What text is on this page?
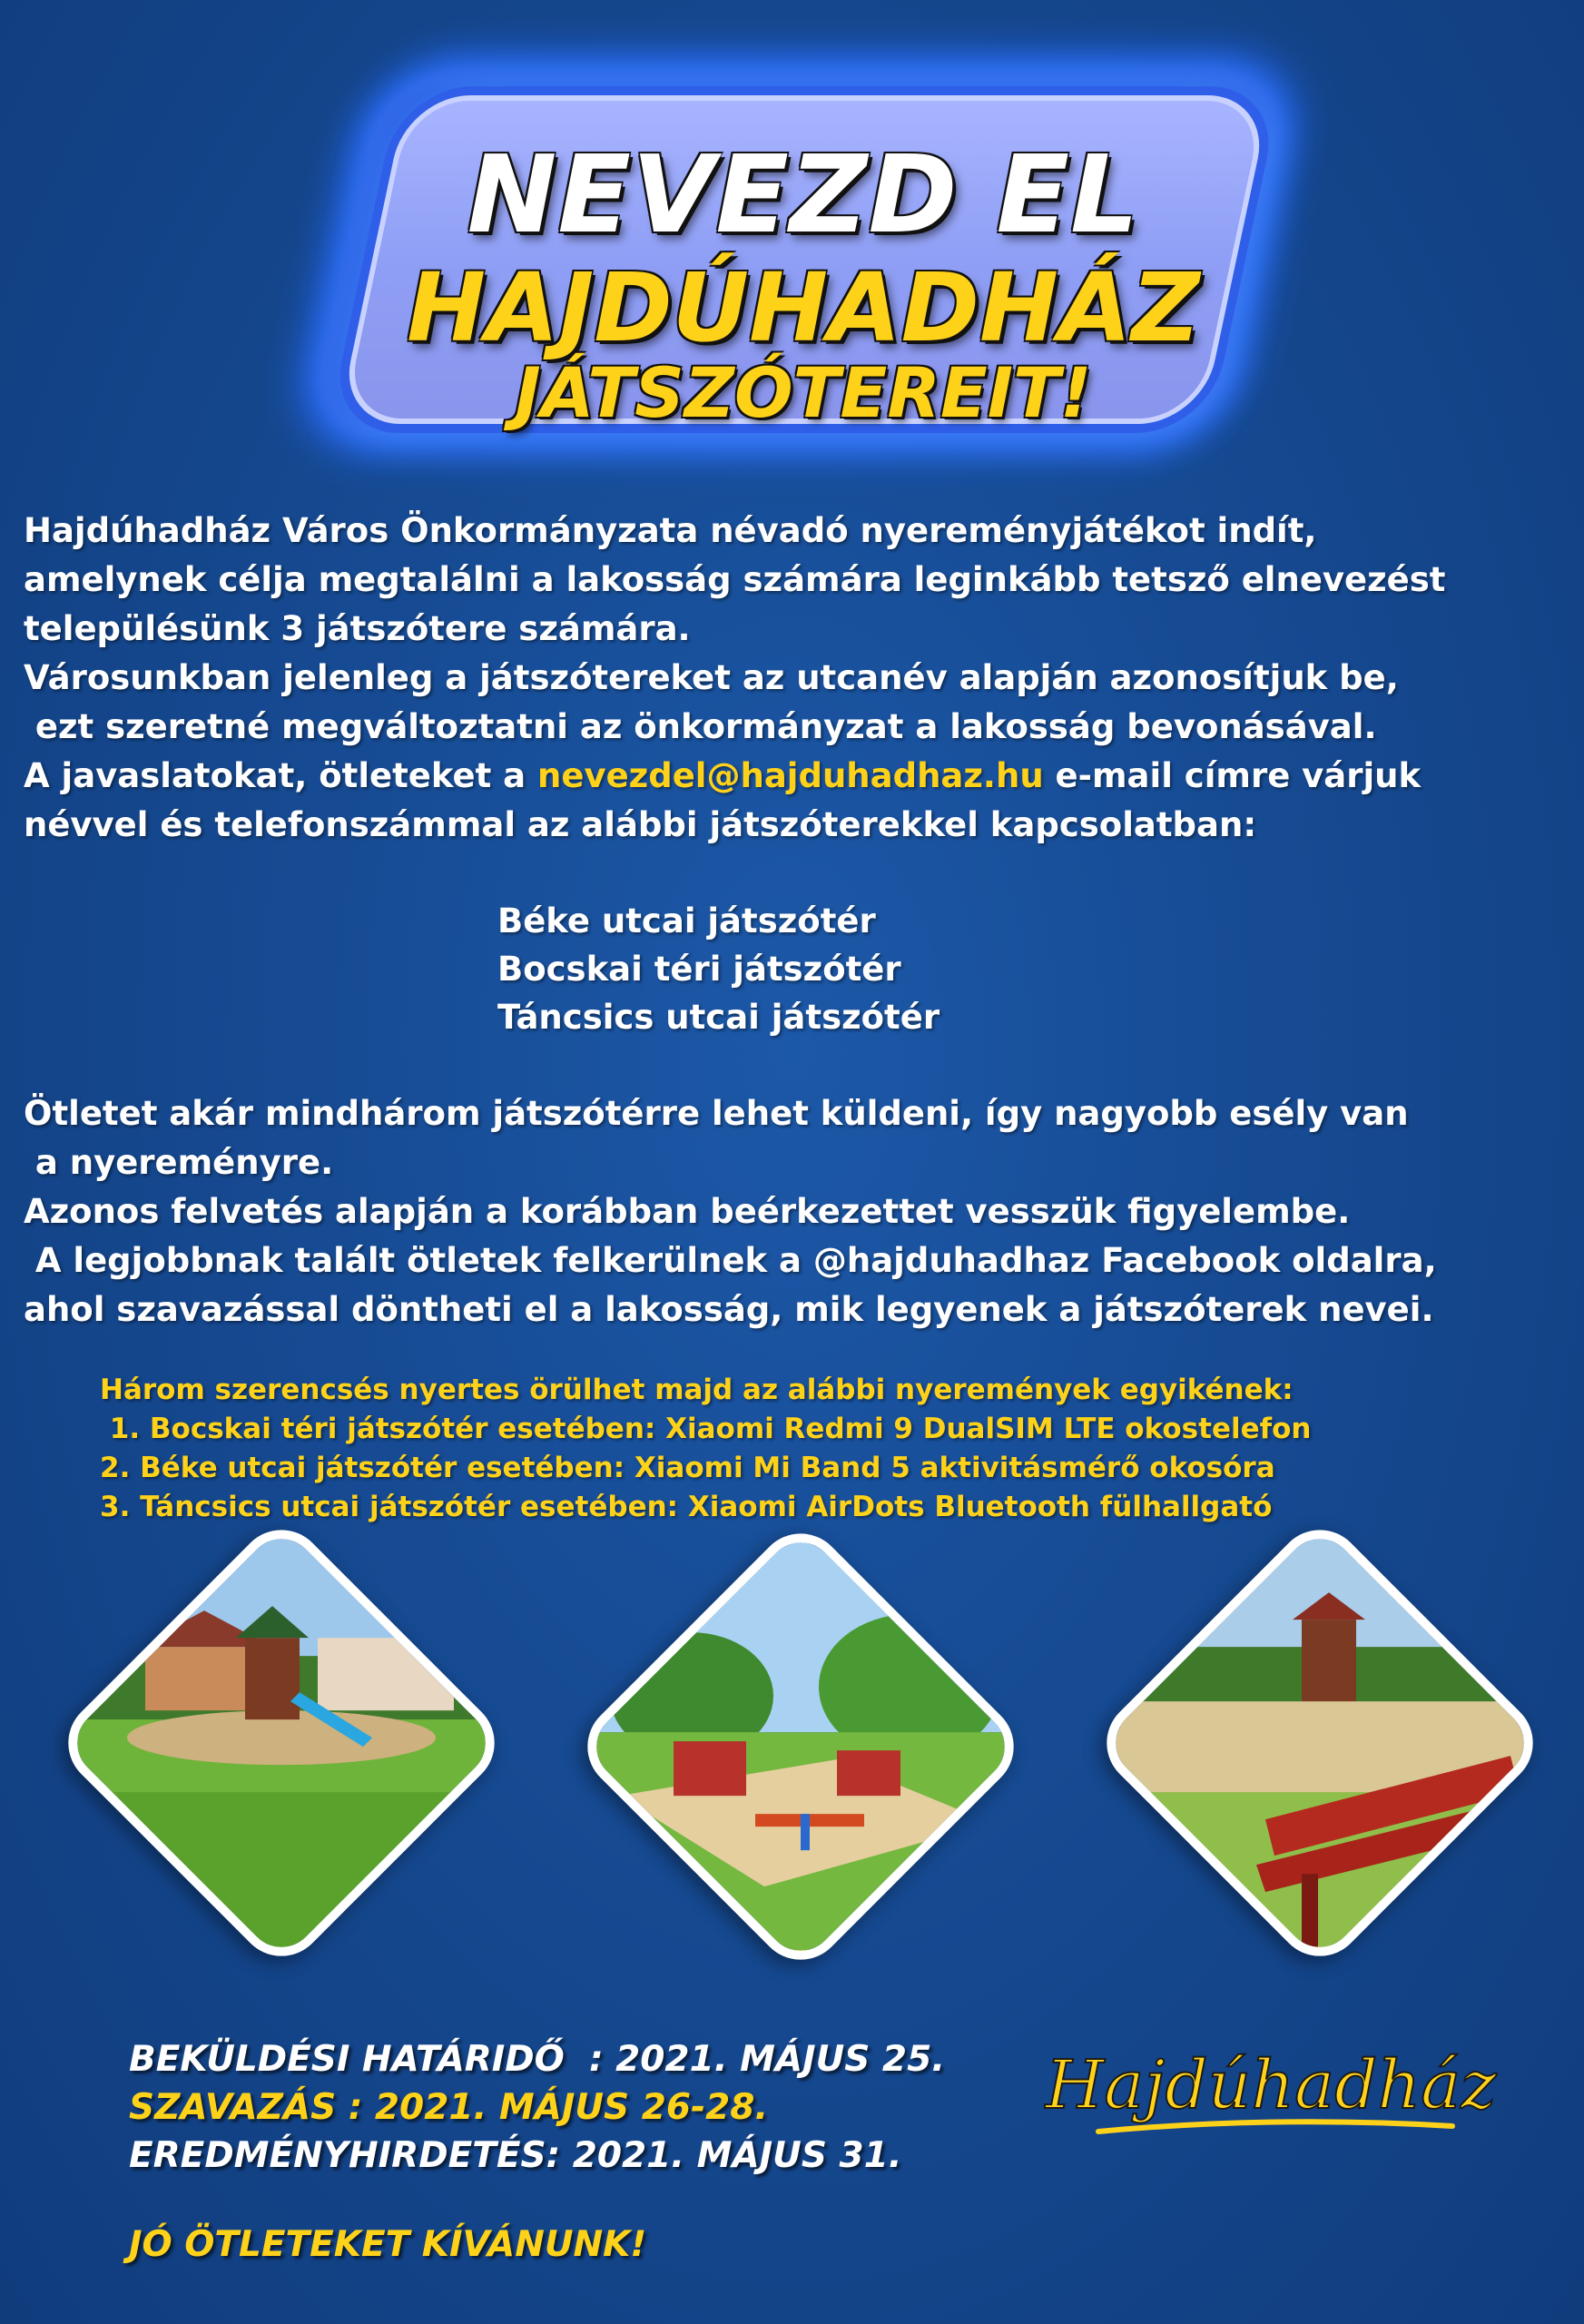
NEVEZD EL
HAJDÚHADHÁZ
JÁTSZÓTEREIT!

Hajdúhadház Város Önkormányzata névadó nyereményjátékot indít,

amelynek célja megtalálni a lakosság számára leginkább tetsző elnevezést

településünk 3 játszótere számára.

Városunkban jelenleg a játszótereket az utcanév alapján azonosítjuk be,

ezt szeretné megváltoztatni az önkormányzat a lakosság bevonásával.

A javaslatokat, ötleteket a nevezdel@hajduhadhaz.hu e-mail címre várjuk

névvel és telefonszámmal az alábbi játszóterekkel kapcsolatban:

Béke utcai játszótér
Bocskai téri játszótér
Táncsics utcai játszótér

Ötletet akár mindhárom játszótérre lehet küldeni, így nagyobb esély van

a nyereményre.

Azonos felvetés alapján a korábban beérkezettet vesszük figyelembe.

A legjobbnak talált ötletek felkerülnek a @hajduhadhaz Facebook oldalra,

ahol szavazással döntheti el a lakosság, mik legyenek a játszóterek nevei.

Három szerencsés nyertes örülhet majd az alábbi nyeremények egyikének:
1. Bocskai téri játszótér esetében: Xiaomi Redmi 9 DualSIM LTE okostelefon
2. Béke utcai játszótér esetében: Xiaomi Mi Band 5 aktivitásmérő okosóra
3. Táncsics utcai játszótér esetében: Xiaomi AirDots Bluetooth fülhallgató
BEKÜLDÉSI HATÁRIDŐ  : 2021. MÁJUS 25.
SZAVAZÁS : 2021. MÁJUS 26-28.
EREDMÉNYHIRDETÉS: 2021. MÁJUS 31.
JÓ ÖTLETEKET KÍVÁNUNK!
Hajdúhadház
